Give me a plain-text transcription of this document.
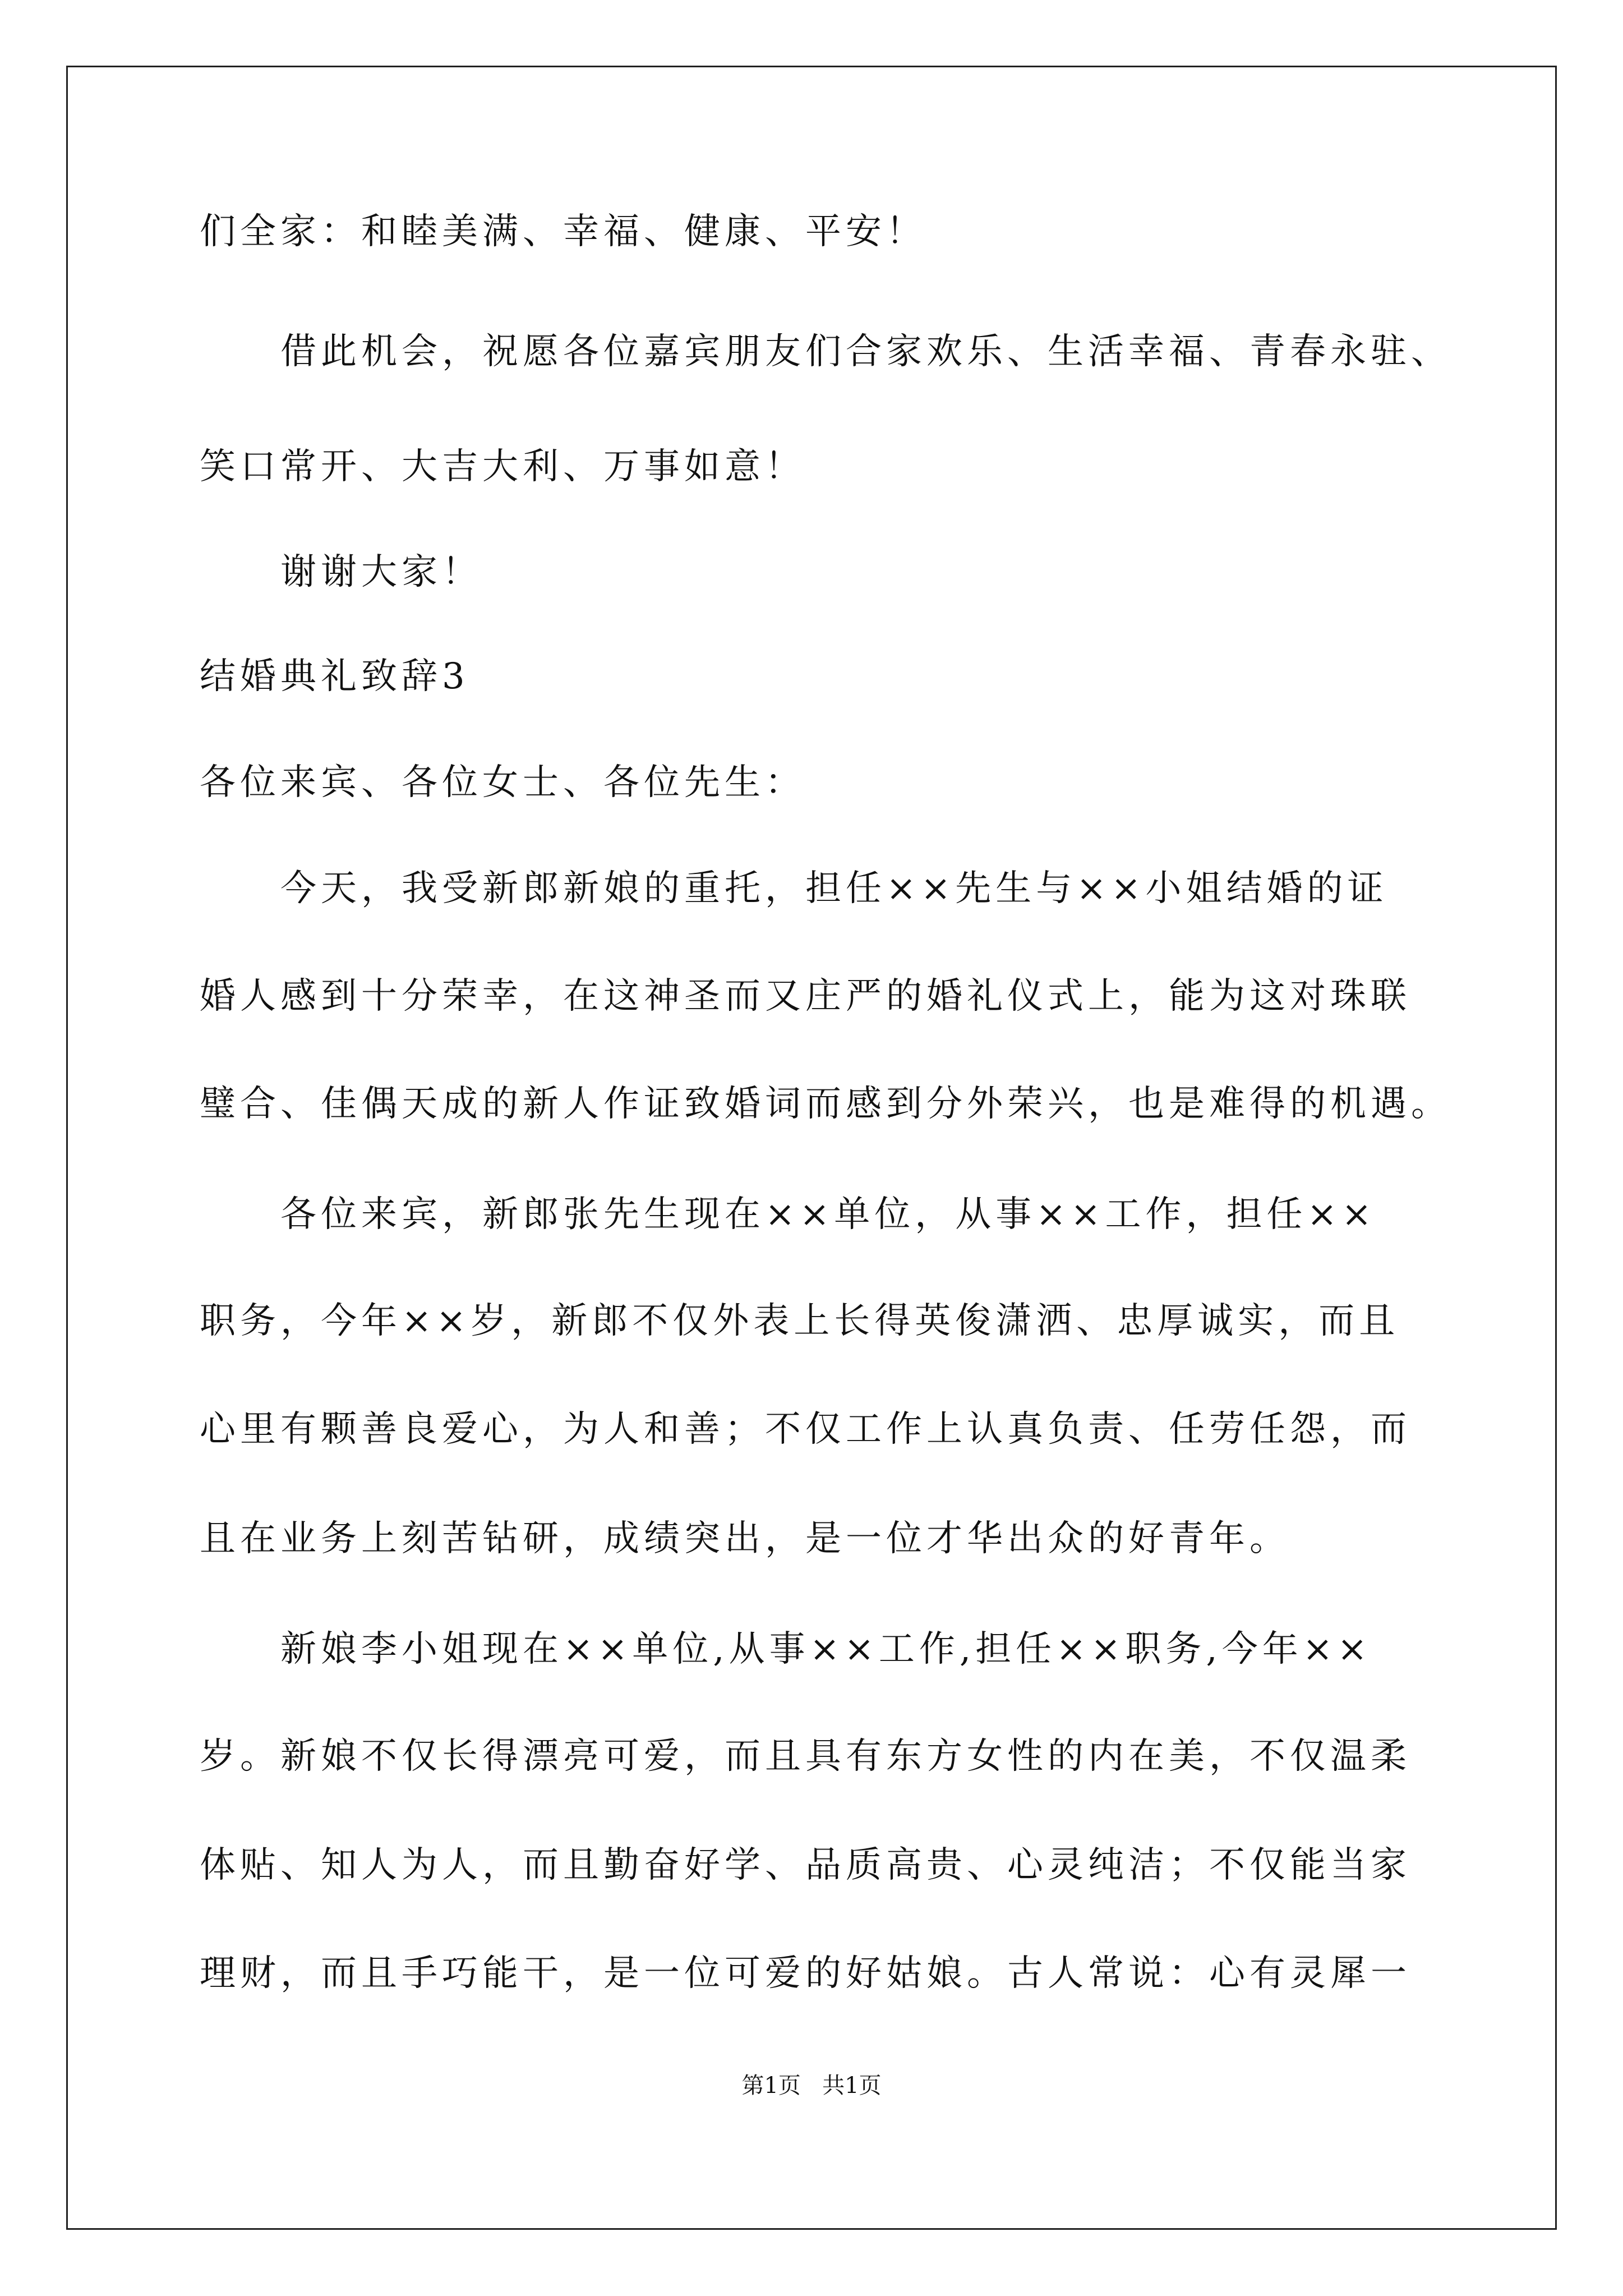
们全家：和睦美满、幸福、健康、平安！
借此机会，祝愿各位嘉宾朋友们合家欢乐、生活幸福、青春永驻、
笑口常开、大吉大利、万事如意！
谢谢大家！
结婚典礼致辞3
各位来宾、各位女士、各位先生：
今天，我受新郎新娘的重托，担任××先生与××小姐结婚的证
婚人感到十分荣幸，在这神圣而又庄严的婚礼仪式上，能为这对珠联
璧合、佳偶天成的新人作证致婚词而感到分外荣兴，也是难得的机遇。
各位来宾，新郎张先生现在××单位，从事××工作，担任××
职务，今年××岁，新郎不仅外表上长得英俊潇洒、忠厚诚实，而且
心里有颗善良爱心，为人和善；不仅工作上认真负责、任劳任怨，而
且在业务上刻苦钻研，成绩突出，是一位才华出众的好青年。
新娘李小姐现在××单位,从事××工作,担任××职务,今年××
岁。新娘不仅长得漂亮可爱，而且具有东方女性的内在美，不仅温柔
体贴、知人为人，而且勤奋好学、品质高贵、心灵纯洁；不仅能当家
理财，而且手巧能干，是一位可爱的好姑娘。古人常说：心有灵犀一
第1页 共1页
